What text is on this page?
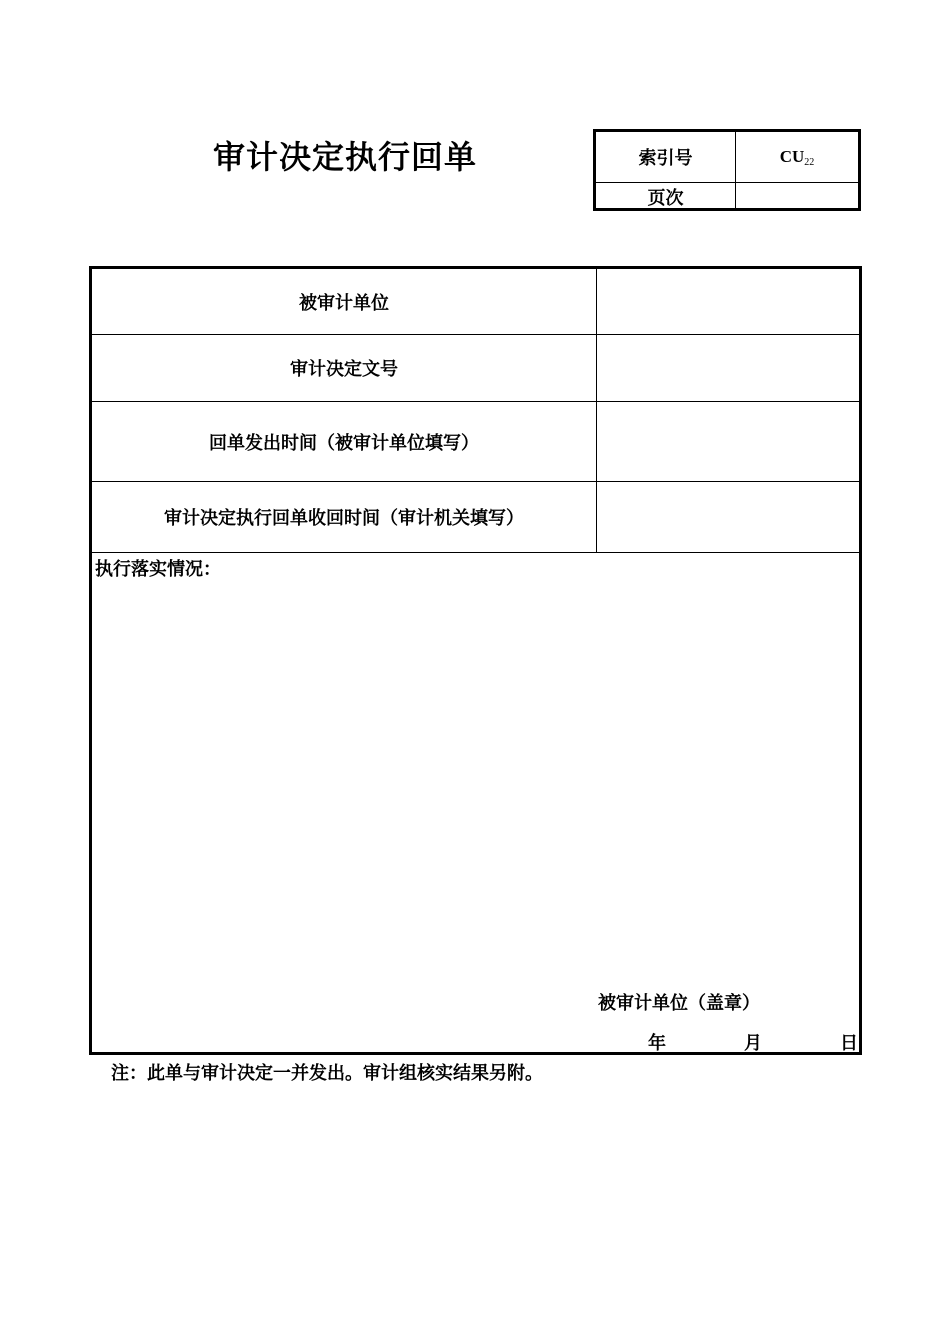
审计决定执行回单	索引号	$CU_{22}$
页次
被审计单位
审计决定文号
回单发出时间（被审计单位填写）
审计决定执行回单收回时间（审计机关填写）
执行落实情况：
被审计单位（盖章）
年	月	日
注：此单与审计决定一并发出。审计组核实结果另附。
